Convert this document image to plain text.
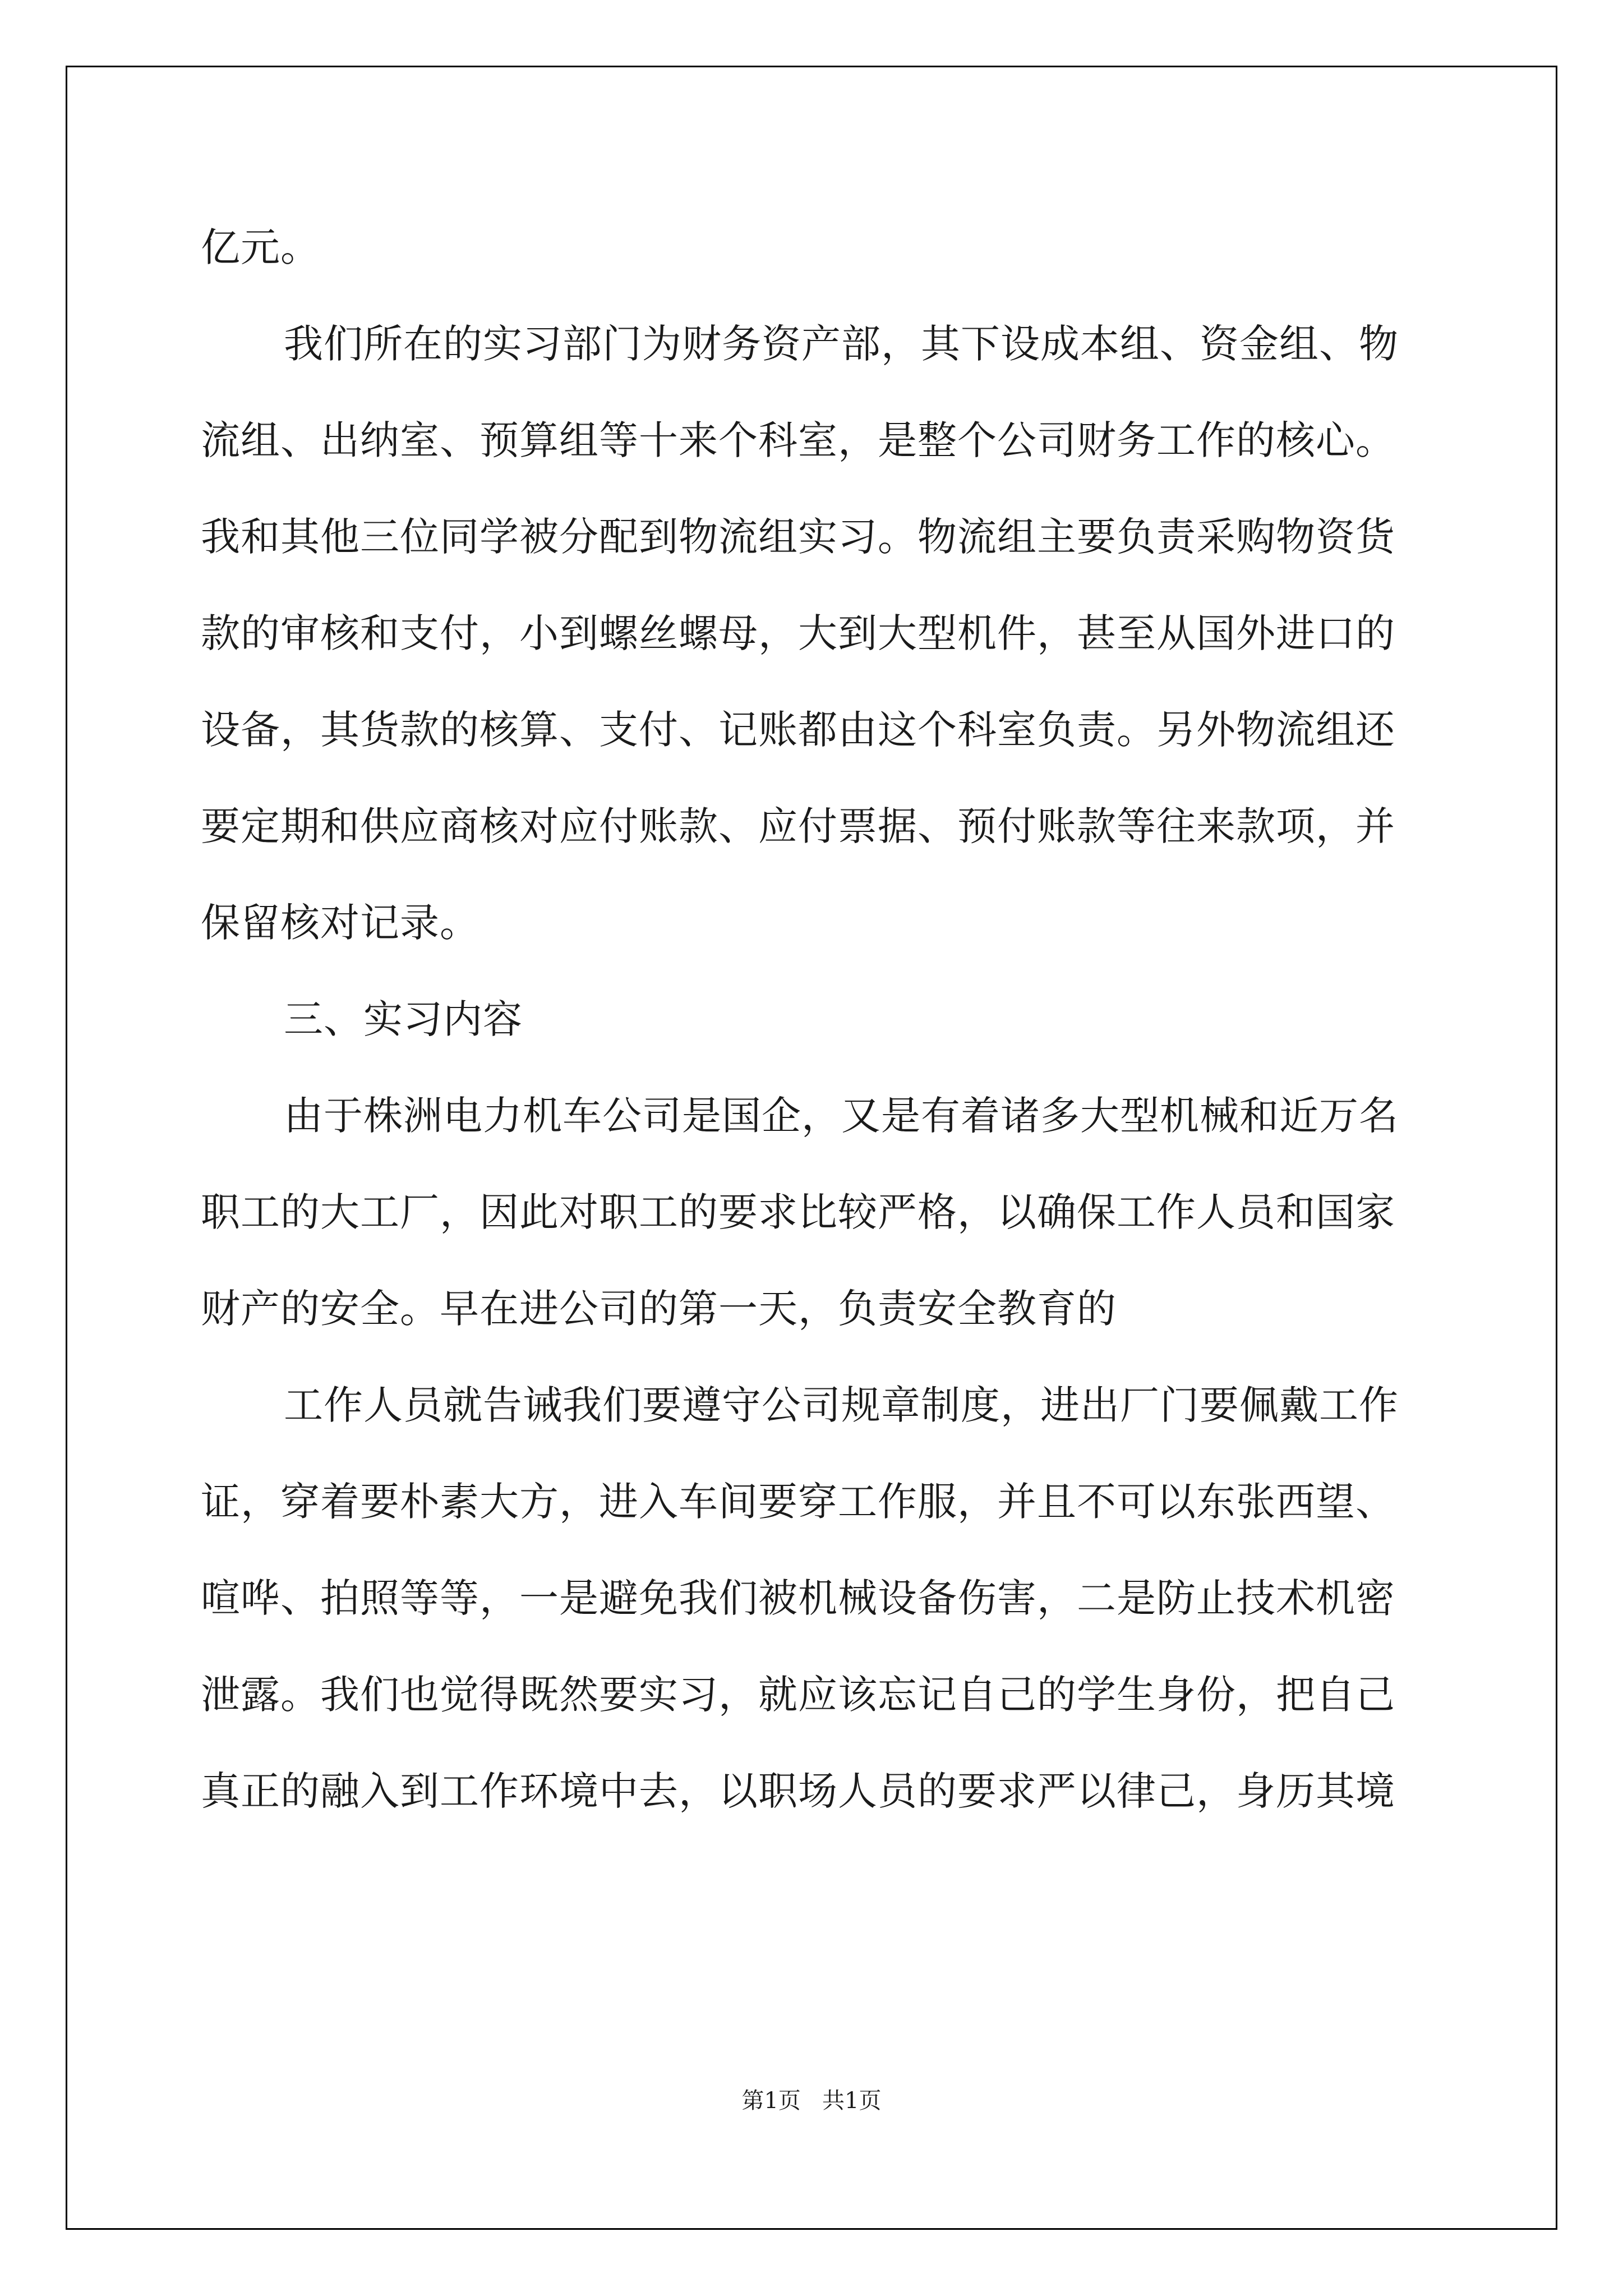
亿元。
我们所在的实习部门为财务资产部，其下设成本组、资金组、物
流组、出纳室、预算组等十来个科室，是整个公司财务工作的核心。
我和其他三位同学被分配到物流组实习。物流组主要负责采购物资货
款的审核和支付，小到螺丝螺母，大到大型机件，甚至从国外进口的
设备，其货款的核算、支付、记账都由这个科室负责。另外物流组还
要定期和供应商核对应付账款、应付票据、预付账款等往来款项，并
保留核对记录。
三、实习内容
由于株洲电力机车公司是国企，又是有着诸多大型机械和近万名
职工的大工厂，因此对职工的要求比较严格，以确保工作人员和国家
财产的安全。早在进公司的第一天，负责安全教育的
工作人员就告诫我们要遵守公司规章制度，进出厂门要佩戴工作
证，穿着要朴素大方，进入车间要穿工作服，并且不可以东张西望、
喧哗、拍照等等，一是避免我们被机械设备伤害，二是防止技术机密
泄露。我们也觉得既然要实习，就应该忘记自己的学生身份，把自己
真正的融入到工作环境中去，以职场人员的要求严以律己，身历其境
第1页   共1页
